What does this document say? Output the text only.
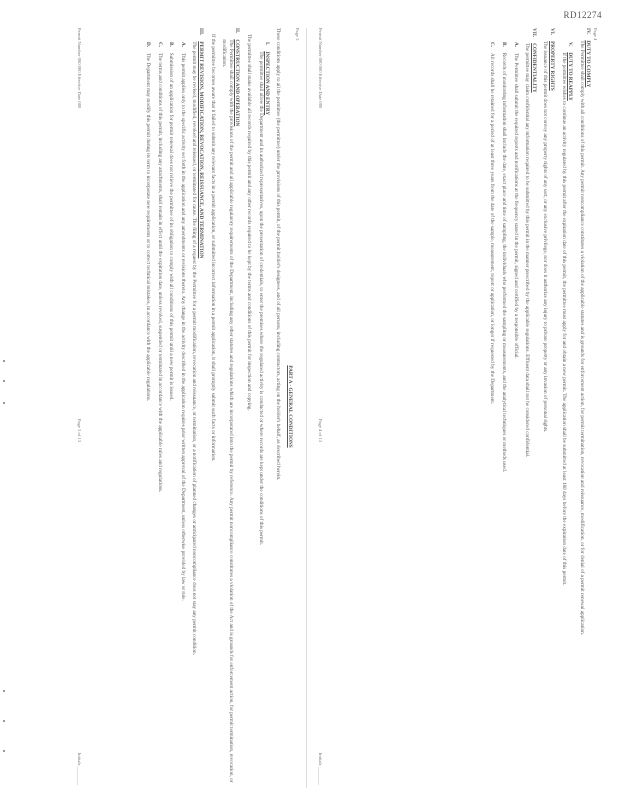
RD12274
Page 3

PART A - GENERAL CONDITIONS

These conditions apply to all the permittee (the permittee) under the provisions of this permit, of the permit holder's designees, and of all persons, including contractors, acting on the holder's behalf, as described herein.

I.
INSPECTION AND ENTRY
The permittee shall allow the Department and its authorized representatives, upon the presentation of credentials, to enter the premises where the regulated activity is conducted or where records are kept under the conditions of this permit.
The permittee shall make available all records required by this permit and any other records required to be kept by the terms and conditions of this permit for inspection and copying.
II.
CONSTRUCTION AND OPERATION
The Permittee shall comply with the provisions of the permit and all applicable regulatory requirements of the Department, including any other statutes and regulations which are incorporated into the permit by reference. Any permit noncompliance constitutes a violation of the Act and is grounds for enforcement action, for permit termination, revocation, or modification.
If the permittee becomes aware that it failed to submit any relevant facts in a permit application, or submitted incorrect information in a permit application, it shall promptly submit such facts or information.
III.
PERMIT REVISION, MODIFICATION, REVOCATION, REISSUANCE, AND TERMINATION
The permit may be revised, modified, revoked and reissued, or terminated for cause. The filing of a request by the Permittee for a permit modification, revocation and reissuance, or termination, or a notification of planned changes or anticipated noncompliance does not stay any permit condition.
A.
This permit applies only to the specific activity set forth in the application and any amendments or revisions thereto. Any change in the activity described in the application requires prior written approval of the Department, unless otherwise provided by law or rule.
B.
Submission of an application for permit renewal does not relieve the permittee of its obligation to comply with all conditions of this permit until a new permit is issued.
C.
The terms and conditions of this permit, including any attachments, shall remain in effect until the expiration date, unless revoked, suspended or terminated in accordance with the applicable rules and regulations.
D.
The Department may modify this permit during its term to incorporate new requirements or to correct technical mistakes, in accordance with the applicable regulations.
Permit Number 000 000 Effective Date 000
Page 3 of 13
Initials ________
Page 4
IV.
DUTY TO COMPLY
The Permittee shall comply with all conditions of this permit. Any permit noncompliance constitutes a violation of the applicable statutes and is grounds for enforcement action, for permit termination, revocation and reissuance, modification, or for denial of a permit renewal application.
V.
DUTY TO REAPPLY
If the permittee wishes to continue an activity regulated by this permit after the expiration date of this permit, the permittee must apply for and obtain a new permit. The application shall be submitted at least 180 days before the expiration date of this permit.
VI.
PROPERTY RIGHTS
The issuance of this permit does not convey any property rights of any sort, or any exclusive privilege, nor does it authorize any injury to private property or any invasion of personal rights.
VII.
CONFIDENTIALITY
The permittee may claim confidential any information required to be submitted by this permit in the manner prescribed by the applicable regulations. Effluent data shall not be considered confidential.
A.
The Permittee shall submit the required reports and notifications at the frequency stated in the permit, signed and certified by a responsible official.
B.
Records of monitoring information shall include the date, exact place and time of sampling, the individuals who performed the sampling or measurements, and the analytical techniques or methods used.
C.
All records shall be retained for a period of at least three years from the date of the sample, measurement, report or application, or longer if requested by the Department.
Permit Number 000 000 Effective Date 000
Page 4 of 13
Initials ________
